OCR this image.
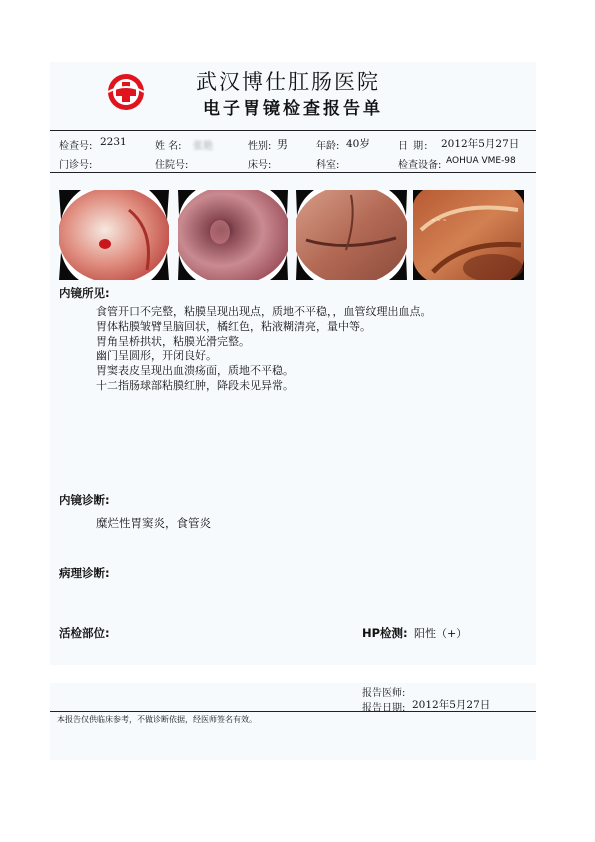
武汉博仕肛肠医院
电子胃镜检查报告单
检查号: 2231	姓 名: 张艳	性别: 男	年龄: 40岁	日 期: 2012年5月27日
门诊号:	住院号:	床号:	科室:	检查设备: AOHUA VME-98
~ ~ ~
内镜所见:
食管开口不完整，粘膜呈现出现点，质地不平稳，，血管纹理出血点。
胃体粘膜皱臂呈脑回状，橘红色，粘液糊清亮，量中等。
胃角呈桥拱状，粘膜光滑完整。
幽门呈圆形，开闭良好。
胃窦表皮呈现出血溃疡面，质地不平稳。
十二指肠球部粘膜红肿，降段未见异常。
内镜诊断:
糜烂性胃窦炎，食管炎
病理诊断:
活检部位:	HP检测: 阳性（+）
报告医师:
报告日期: 2012年5月27日
本报告仅供临床参考，不做诊断依据，经医师签名有效。
